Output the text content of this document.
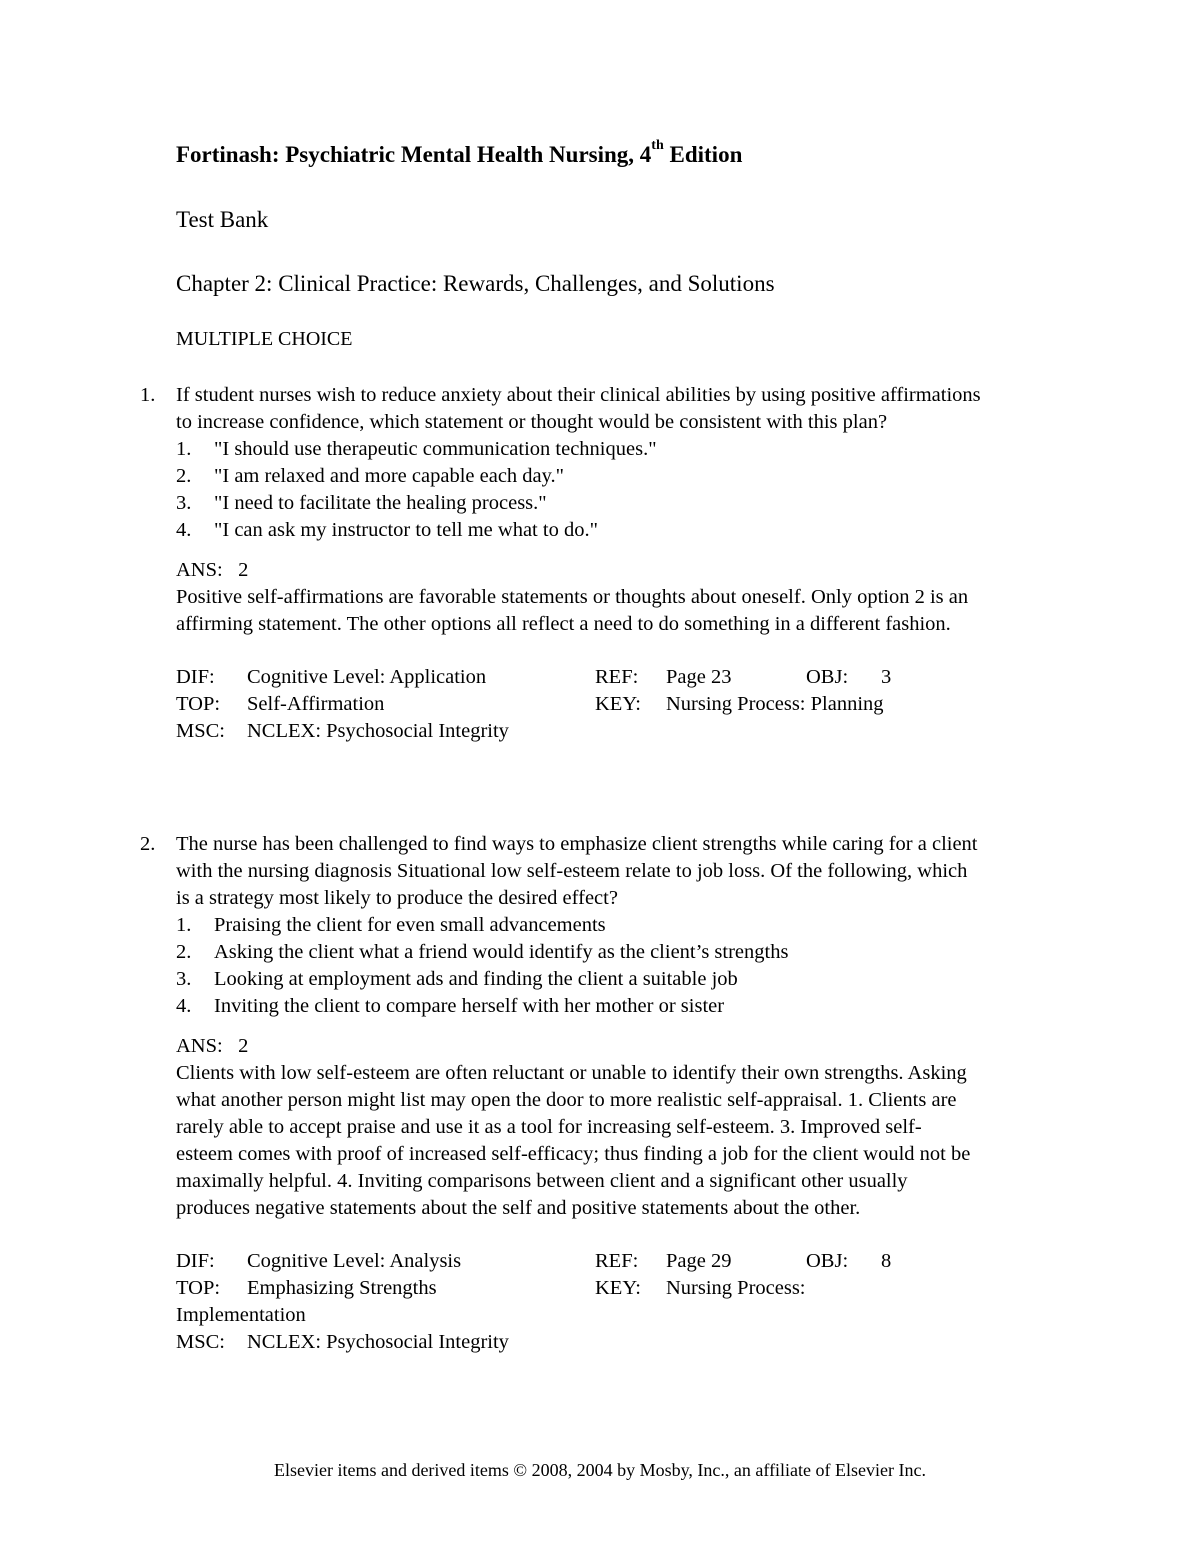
Fortinash: Psychiatric Mental Health Nursing, 4th Edition
Test Bank
Chapter 2: Clinical Practice: Rewards, Challenges, and Solutions
MULTIPLE CHOICE
1. If student nurses wish to reduce anxiety about their clinical abilities by using positive affirmations to increase confidence, which statement or thought would be consistent with this plan?
1. "I should use therapeutic communication techniques."
2. "I am relaxed and more capable each day."
3. "I need to facilitate the healing process."
4. "I can ask my instructor to tell me what to do."
ANS:   2
Positive self-affirmations are favorable statements or thoughts about oneself. Only option 2 is an affirming statement. The other options all reflect a need to do something in a different fashion.
DIF: Cognitive Level: Application	REF: Page 23	OBJ: 3
TOP: Self-Affirmation	KEY: Nursing Process: Planning
MSC: NCLEX: Psychosocial Integrity
2. The nurse has been challenged to find ways to emphasize client strengths while caring for a client with the nursing diagnosis Situational low self-esteem relate to job loss. Of the following, which is a strategy most likely to produce the desired effect?
1. Praising the client for even small advancements
2. Asking the client what a friend would identify as the client’s strengths
3. Looking at employment ads and finding the client a suitable job
4. Inviting the client to compare herself with her mother or sister
ANS:   2
Clients with low self-esteem are often reluctant or unable to identify their own strengths. Asking what another person might list may open the door to more realistic self-appraisal. 1. Clients are rarely able to accept praise and use it as a tool for increasing self-esteem. 3. Improved self-esteem comes with proof of increased self-efficacy; thus finding a job for the client would not be maximally helpful. 4. Inviting comparisons between client and a significant other usually produces negative statements about the self and positive statements about the other.
DIF: Cognitive Level: Analysis	REF: Page 29	OBJ: 8
TOP: Emphasizing Strengths	KEY: Nursing Process:
Implementation
MSC: NCLEX: Psychosocial Integrity
Elsevier items and derived items © 2008, 2004 by Mosby, Inc., an affiliate of Elsevier Inc.
